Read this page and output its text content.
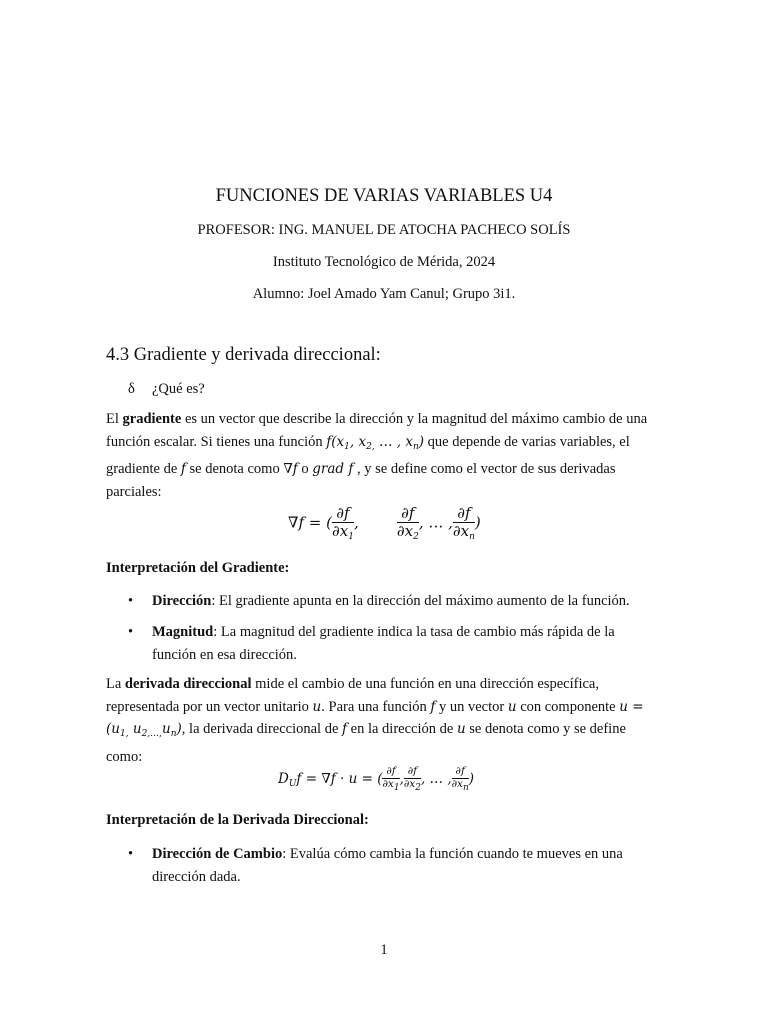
FUNCIONES DE VARIAS VARIABLES U4
PROFESOR: ING. MANUEL DE ATOCHA PACHECO SOLÍS
Instituto Tecnológico de Mérida, 2024
Alumno: Joel Amado Yam Canul; Grupo 3i1.
4.3 Gradiente y derivada direccional:
δ ¿Qué es?
El gradiente es un vector que describe la dirección y la magnitud del máximo cambio de una función escalar. Si tienes una función $f(x_1$, $x_{2,}$ … , $x_n$) que depende de varias variables, el gradiente de f se denota como ∇f o grad f , y se define como el vector de sus derivadas parciales:
∇f = ( $\frac{\partial f}{\partial x_1}$ , $\frac{\partial f}{\partial x_2}$ , … , $\frac{\partial f}{\partial x_n}$ )
Interpretación del Gradiente:
• Dirección: El gradiente apunta en la dirección del máximo aumento de la función.
• Magnitud: La magnitud del gradiente indica la tasa de cambio más rápida de la función en esa dirección.
La derivada direccional mide el cambio de una función en una dirección específica, representada por un vector unitario u. Para una función f y un vector u con componente $u = (u_{1,}$ $u_{2,\dots,}u_n$), la derivada direccional de f en la dirección de u se denota como y se define como:
$D_Uf = \nabla f \cdot u$ = ( $\frac{\partial f}{\partial x1}$ , $\frac{\partial f}{\partial x2}$ , … , $\frac{\partial f}{\partial xn}$ )
Interpretación de la Derivada Direccional:
• Dirección de Cambio: Evalúa cómo cambia la función cuando te mueves en una dirección dada.
1
